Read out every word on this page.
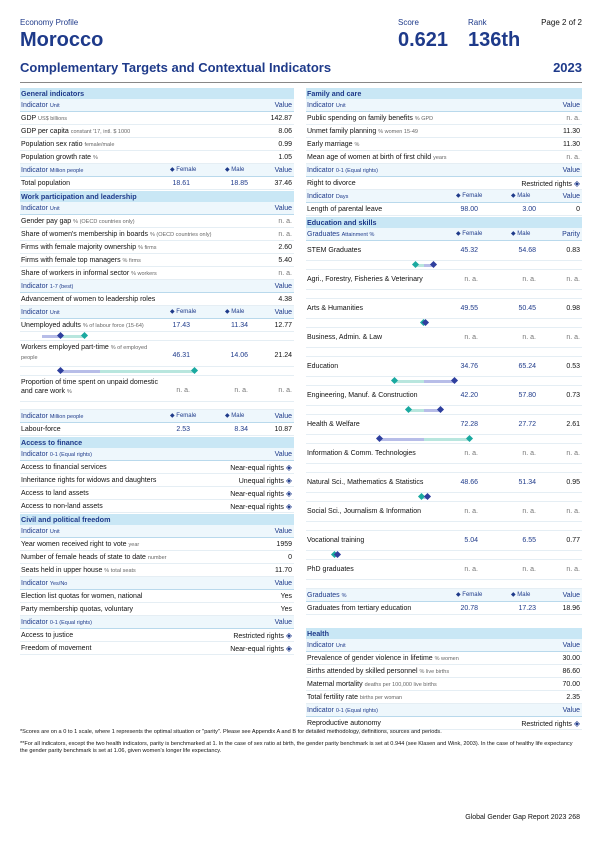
Economy Profile
Morocco
Score
0.621
Rank
136th
Page 2 of 2
Complementary Targets and Contextual Indicators	2023
General indicators
Indicator Unit	Value
GDP US$ billions	142.87
GDP per capita constant '17, intl. $ 1000	8.06
Population sex ratio female/male	0.99
Population growth rate %	1.05
Indicator Million people	◆ Female	◆ Male	Value
Total population	18.61	18.85	37.46
Work participation and leadership
Indicator Unit	Value
Gender pay gap % (OECD countries only)	n. a.
Share of women's membership in boards % (OECD countries only)	n. a.
Firms with female majority ownership % firms	2.60
Firms with female top managers % firms	5.40
Share of workers in informal sector % workers	n. a.
Indicator 1-7 (best)	Value
Advancement of women to leadership roles	4.38
Indicator Unit	◆ Female	◆ Male	Value
Unemployed adults % of labour force (15-64)	17.43	11.34	12.77
Workers employed part-time % of employed
people	46.31	14.06	21.24
Proportion of time spent on unpaid domestic
and care work %	n. a.	n. a.	n. a.
Indicator Million people	◆ Female	◆ Male	Value
Labour-force	2.53	8.34	10.87
Access to finance
Indicator 0-1 (Equal rights)	Value
Access to financial services	Near-equal rights ◈
Inheritance rights for widows and daughters	Unequal rights ◈
Access to land assets	Near-equal rights ◈
Access to non-land assets	Near-equal rights ◈
Civil and political freedom
Indicator Unit	Value
Year women received right to vote year	1959
Number of female heads of state to date number	0
Seats held in upper house % total seats	11.70
Indicator Yes/No	Value
Election list quotas for women, national	Yes
Party membership quotas, voluntary	Yes
Indicator 0-1 (Equal rights)	Value
Access to justice	Restricted rights ◈
Freedom of movement	Near-equal rights ◈
Family and care
Indicator Unit	Value
Public spending on family benefits % GPD	n. a.
Unmet family planning % women 15-49	11.30
Early marriage %	11.30
Mean age of women at birth of first child years	n. a.
Indicator 0-1 (Equal rights)	Value
Right to divorce	Restricted rights ◈
Indicator Days	◆ Female	◆ Male	Value
Length of parental leave	98.00	3.00	0
Education and skills
Graduates Attainment %	◆ Female	◆ Male	Parity
STEM Graduates	45.32	54.68	0.83
Agri., Forestry, Fisheries & Veterinary	n. a.	n. a.	n. a.
Arts & Humanities	49.55	50.45	0.98
Business, Admin. & Law	n. a.	n. a.	n. a.
Education	34.76	65.24	0.53
Engineering, Manuf. & Construction	42.20	57.80	0.73
Health & Welfare	72.28	27.72	2.61
Information & Comm. Technologies	n. a.	n. a.	n. a.
Natural Sci., Mathematics & Statistics	48.66	51.34	0.95
Social Sci., Journalism & Information	n. a.	n. a.	n. a.
Vocational training	5.04	6.55	0.77
PhD graduates	n. a.	n. a.	n. a.
Graduates %	◆ Female	◆ Male	Value
Graduates from tertiary education	20.78	17.23	18.96
Health
Indicator Unit	Value
Prevalence of gender violence in lifetime % women	30.00
Births attended by skilled personnel % live births	86.60
Maternal mortality deaths per 100,000 live births	70.00
Total fertility rate births per woman	2.35
Indicator 0-1 (Equal rights)	Value
Reproductive autonomy	Restricted rights ◈
*Scores are on a 0 to 1 scale, where 1 represents the optimal situation or "parity". Please see Appendix A and B for detailed methodology, definitions, sources and periods.
**For all indicators, except the two health indicators, parity is benchmarked at 1. In the case of sex ratio at birth, the gender parity benchmark is set at 0.944 (see Klasen and Wink, 2003). In the case of healthy life expectancy the gender parity benchmark is set at 1.06, given women's longer life expectancy.
Global Gender Gap Report 2023 268
